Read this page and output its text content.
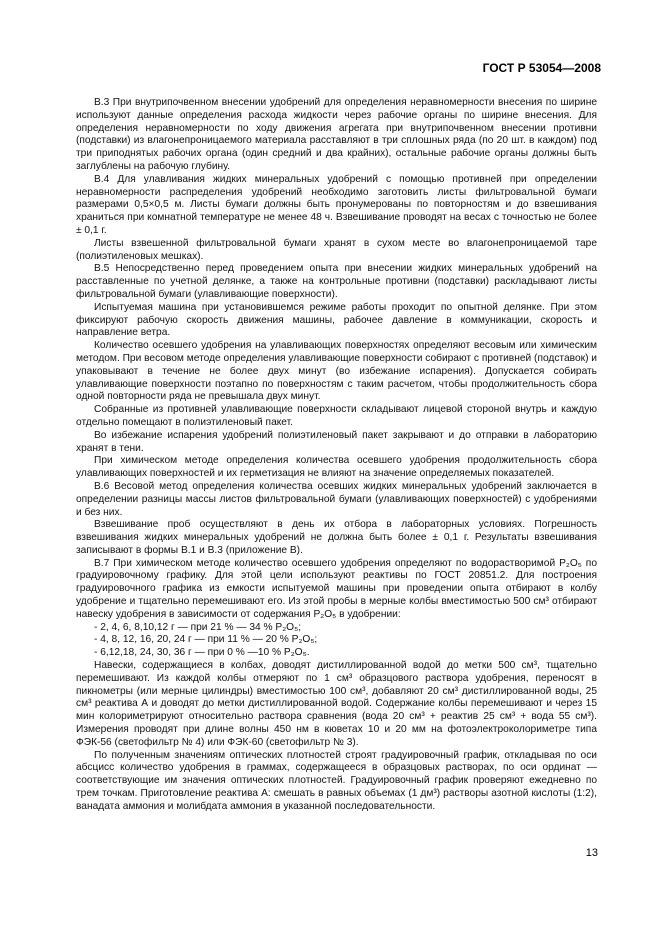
ГОСТ Р 53054—2008

В.3 При внутрипочвенном внесении удобрений для определения неравномерности внесения по ширине используют данные определения расхода жидкости через рабочие органы по ширине внесения. Для определения неравномерности по ходу движения агрегата при внутрипочвенном внесении противни (подставки) из влагонепроницаемого материала расставляют в три сплошных ряда (по 20 шт. в каждом) под три приподнятых рабочих органа (один средний и два крайних), остальные рабочие органы должны быть заглублены на рабочую глубину.

В.4 Для улавливания жидких минеральных удобрений с помощью противней при определении неравномерности распределения удобрений необходимо заготовить листы фильтровальной бумаги размерами 0,5×0,5 м. Листы бумаги должны быть пронумерованы по повторностям и до взвешивания храниться при комнатной температуре не менее 48 ч. Взвешивание проводят на весах с точностью не более ± 0,1 г.

Листы взвешенной фильтровальной бумаги хранят в сухом месте во влагонепроницаемой таре (полиэтиленовых мешках).

В.5 Непосредственно перед проведением опыта при внесении жидких минеральных удобрений на расставленные по учетной делянке, а также на контрольные противни (подставки) раскладывают листы фильтровальной бумаги (улавливающие поверхности).

Испытуемая машина при установившемся режиме работы проходит по опытной делянке. При этом фиксируют рабочую скорость движения машины, рабочее давление в коммуникации, скорость и направление ветра.

Количество осевшего удобрения на улавливающих поверхностях определяют весовым или химическим методом. При весовом методе определения улавливающие поверхности собирают с противней (подставок) и упаковывают в течение не более двух минут (во избежание испарения). Допускается собирать улавливающие поверхности поэтапно по поверхностям с таким расчетом, чтобы продолжительность сбора одной повторности ряда не превышала двух минут.

Собранные из противней улавливающие поверхности складывают лицевой стороной внутрь и каждую отдельно помещают в полиэтиленовый пакет.

Во избежание испарения удобрений полиэтиленовый пакет закрывают и до отправки в лабораторию хранят в тени.

При химическом методе определения количества осевшего удобрения продолжительность сбора улавливающих поверхностей и их герметизация не влияют на значение определяемых показателей.

В.6 Весовой метод определения количества осевших жидких минеральных удобрений заключается в определении разницы массы листов фильтровальной бумаги (улавливающих поверхностей) с удобрениями и без них.

Взвешивание проб осуществляют в день их отбора в лабораторных условиях. Погрешность взвешивания жидких минеральных удобрений не должна быть более ± 0,1 г. Результаты взвешивания записывают в формы В.1 и В.3 (приложение В).

В.7 При химическом методе количество осевшего удобрения определяют по водорастворимой P₂O₅ по градуировочному графику. Для этой цели используют реактивы по ГОСТ 20851.2. Для построения градуировочного графика из емкости испытуемой машины при проведении опыта отбирают в колбу удобрение и тщательно перемешивают его. Из этой пробы в мерные колбы вместимостью 500 см³ отбирают навеску удобрения в зависимости от содержания P₂O₅ в удобрении:

- 2, 4, 6, 8,10,12 г — при 21 % — 34 % P₂O₅;

- 4, 8, 12, 16, 20, 24 г — при 11 % — 20 % P₂O₅;

- 6,12,18, 24, 30, 36 г — при 0 % —10 % P₂O₅.

Навески, содержащиеся в колбах, доводят дистиллированной водой до метки 500 см³, тщательно перемешивают. Из каждой колбы отмеряют по 1 см³ образцового раствора удобрения, переносят в пикнометры (или мерные цилиндры) вместимостью 100 см³, добавляют 20 см³ дистиллированной воды, 25 см³ реактива А и доводят до метки дистиллированной водой. Содержание колбы перемешивают и через 15 мин колориметрируют относительно раствора сравнения (вода 20 см³ + реактив 25 см³ + вода 55 см³). Измерения проводят при длине волны 450 нм в кюветах 10 и 20 мм на фотоэлектроколориметре типа ФЭК-56 (светофильтр № 4) или ФЭК-60 (светофильтр № 3).

По полученным значениям оптических плотностей строят градуировочный график, откладывая по оси абсцисс количество удобрения в граммах, содержащееся в образцовых растворах, по оси ординат — соответствующие им значения оптических плотностей. Градуировочный график проверяют ежедневно по трем точкам. Приготовление реактива А: смешать в равных объемах (1 дм³) растворы азотной кислоты (1:2), ванадата аммония и молибдата аммония в указанной последовательности.

13
